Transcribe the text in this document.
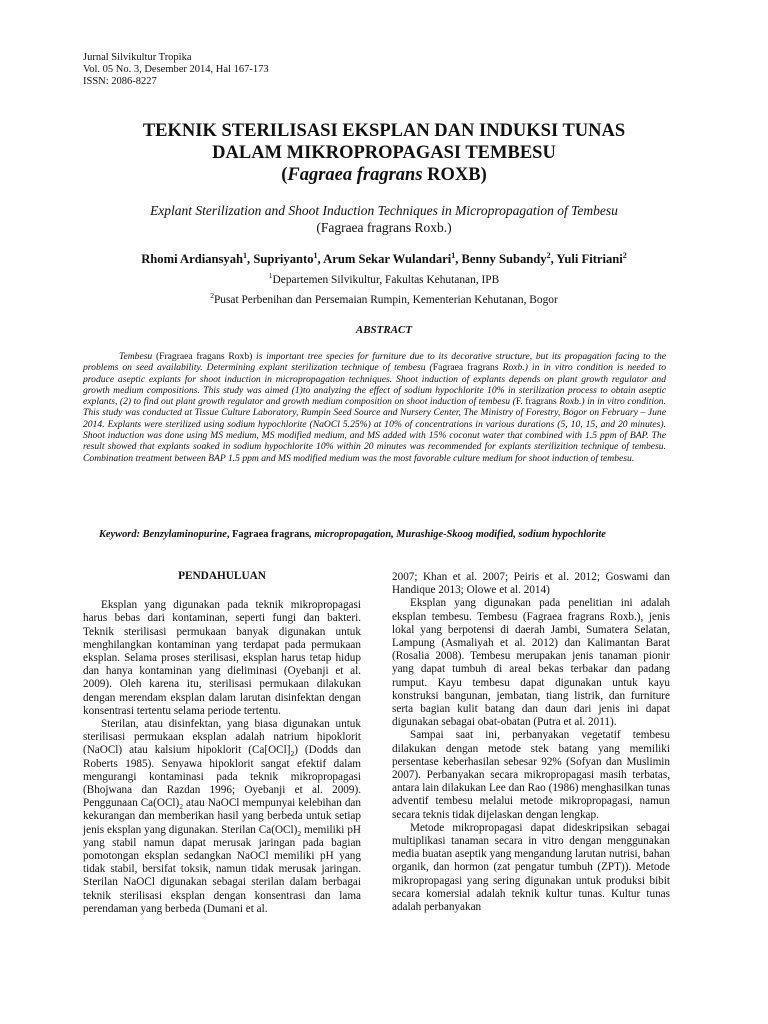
Jurnal Silvikultur Tropika
Vol. 05 No. 3, Desember 2014, Hal 167-173
ISSN: 2086-8227
TEKNIK STERILISASI EKSPLAN DAN INDUKSI TUNAS
DALAM MIKROPROPAGASI TEMBESU
(Fagraea fragrans ROXB)
Explant Sterilization and Shoot Induction Techniques in Micropropagation of Tembesu
(Fagraea fragrans Roxb.)
Rhomi Ardiansyah$^1$, Supriyanto$^1$, Arum Sekar Wulandari$^1$, Benny Subandy$^2$, Yuli Fitriani$^2$
$^1$Departemen Silvikultur, Fakultas Kehutanan, IPB
$^2$Pusat Perbenihan dan Persemaian Rumpin, Kementerian Kehutanan, Bogor
ABSTRACT

Tembesu (Fragraea fragans Roxb) is important tree species for furniture due to its decorative structure, but its propagation facing to the problems on seed availability. Determining explant sterilization technique of tembesu (Fagraea fragrans Roxb.) in in vitro condition is needed to produce aseptic explants for shoot induction in micropropagation techniques. Shoot induction of explants depends on plant growth regulator and growth medium compositions. This study was aimed (1)to analyzing the effect of sodium hypochlorite 10% in sterilization process to obtain aseptic explants, (2) to find out plant growth regulator and growth medium composition on shoot induction of tembesu (F. fragrans Roxb.) in in vitro condition. This study was conducted at Tissue Culture Laboratory, Rumpin Seed Source and Nursery Center, The Ministry of Forestry, Bogor on February – June 2014. Explants were sterilized using sodium hypochlorite (NaOCl 5.25%) at 10% of concentrations in various durations (5, 10, 15, and 20 minutes). Shoot induction was done using MS medium, MS modified medium, and MS added with 15% coconut water that combined with 1.5 ppm of BAP. The result showed that explants soaked in sodium hypochlorite 10% within 20 minutes was recommended for explants sterilizition technique of tembesu. Combination treatment between BAP 1.5 ppm and MS modified medium was the most favorable culture medium for shoot induction of tembesu.

Keyword: Benzylaminopurine, Fagraea fragrans, micropropagation, Murashige-Skoog modified, sodium hypochlorite
PENDAHULUAN

Eksplan yang digunakan pada teknik mikropropagasi harus bebas dari kontaminan, seperti fungi dan bakteri. Teknik sterilisasi permukaan banyak digunakan untuk menghilangkan kontaminan yang terdapat pada permukaan eksplan. Selama proses sterilisasi, eksplan harus tetap hidup dan hanya kontaminan yang dieliminasi (Oyebanji et al. 2009). Oleh karena itu, sterilisasi permukaan dilakukan dengan merendam eksplan dalam larutan disinfektan dengan konsentrasi tertentu selama periode tertentu.

Sterilan, atau disinfektan, yang biasa digunakan untuk sterilisasi permukaan eksplan adalah natrium hipoklorit (NaOCl) atau kalsium hipoklorit $(Ca[OCl]_2)$ (Dodds dan Roberts 1985). Senyawa hipoklorit sangat efektif dalam mengurangi kontaminasi pada teknik mikropropagasi (Bhojwana dan Razdan 1996; Oyebanji et al. 2009). Penggunaan $Ca(OCl)_2$ atau NaOCl mempunyai kelebihan dan kekurangan dan memberikan hasil yang berbeda untuk setiap jenis eksplan yang digunakan. Sterilan $Ca(OCl)_2$ memiliki pH yang stabil namun dapat merusak jaringan pada bagian pomotongan eksplan sedangkan NaOCl memiliki pH yang tidak stabil, bersifat toksik, namun tidak merusak jaringan. Sterilan NaOCl digunakan sebagai sterilan dalam berbagai teknik sterilisasi eksplan dengan konsentrasi dan lama perendaman yang berbeda (Dumani et al.

2007; Khan et al. 2007; Peiris et al. 2012; Goswami dan Handique 2013; Olowe et al. 2014)

Eksplan yang digunakan pada penelitian ini adalah eksplan tembesu. Tembesu (Fagraea fragrans Roxb.), jenis lokal yang berpotensi di daerah Jambi, Sumatera Selatan, Lampung (Asmaliyah et al. 2012) dan Kalimantan Barat (Rosalia 2008). Tembesu merupakan jenis tanaman pionir yang dapat tumbuh di areal bekas terbakar dan padang rumput. Kayu tembesu dapat digunakan untuk kayu konstruksi bangunan, jembatan, tiang listrik, dan furniture serta bagian kulit batang dan daun dari jenis ini dapat digunakan sebagai obat-obatan (Putra et al. 2011).

Sampai saat ini, perbanyakan vegetatif tembesu dilakukan dengan metode stek batang yang memiliki persentase keberhasilan sebesar 92% (Sofyan dan Muslimin 2007). Perbanyakan secara mikropropagasi masih terbatas, antara lain dilakukan Lee dan Rao (1986) menghasilkan tunas adventif tembesu melalui metode mikropropagasi, namun secara teknis tidak dijelaskan dengan lengkap.

Metode mikropropagasi dapat dideskripsikan sebagai multiplikasi tanaman secara in vitro dengan menggunakan media buatan aseptik yang mengandung larutan nutrisi, bahan organik, dan hormon (zat pengatur tumbuh (ZPT)). Metode mikropropagasi yang sering digunakan untuk produksi bibit secara komersial adalah teknik kultur tunas. Kultur tunas adalah perbanyakan
